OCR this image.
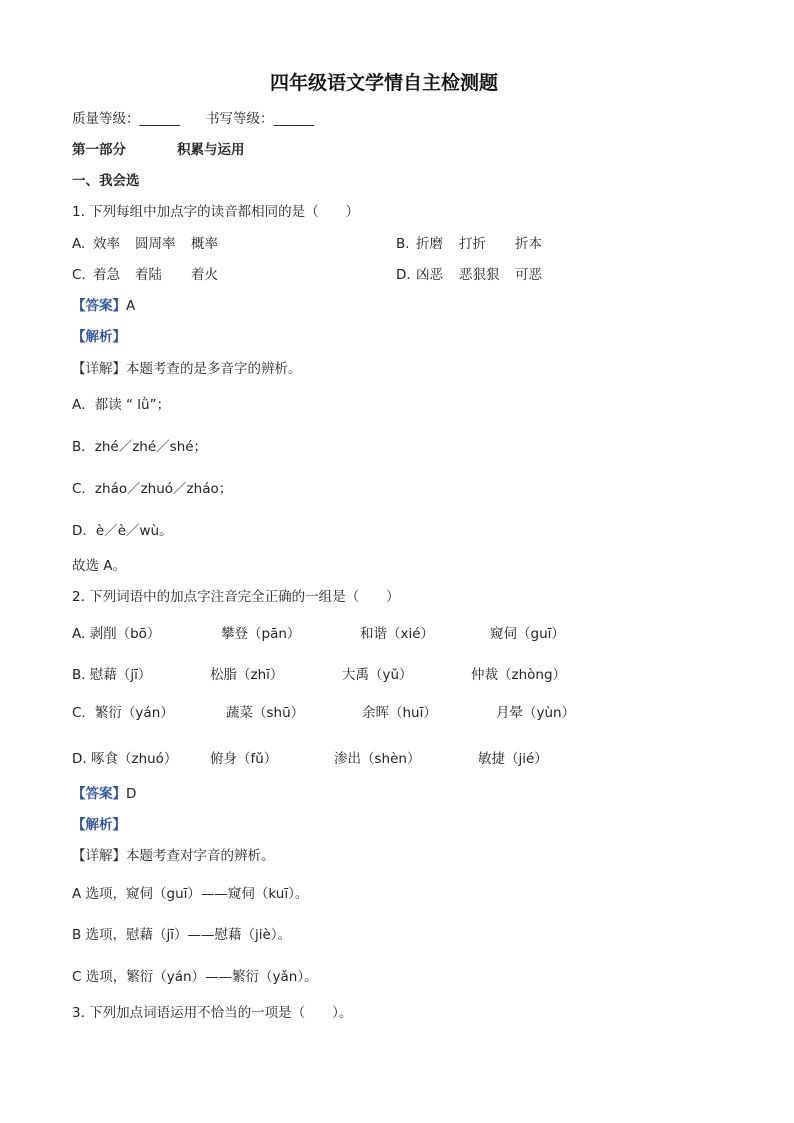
四年级语文学情自主检测题
质量等级：______ 书写等级：______
第一部分	积累与运用
一、我会选
1. 下列每组中加点字的读音都相同的是（　　）
A. 效率 圆周率 概率	B. 折磨 打折 折本
C. 着急 着陆 着火	D. 凶恶 恶狠狠 可恶
【答案】A
【解析】
【详解】本题考查的是多音字的辨析。
A．都读 “ lǜ”；
B．zhé／zhé／shé；
C．zháo／zhuó／zháo；
D．è／è／wù。
故选 A。
2. 下列词语中的加点字注音完全正确的一组是（　　）
A. 剥削（bō）	攀登（pān）	和谐（xié）	窥伺（guī）
B. 慰藉（jī）	松脂（zhī）	大禹（yǔ）	仲裁（zhòng）
C．繁衍（yán）	蔬菜（shū）	余晖（huī）	月晕（yùn）
D. 啄食（zhuó） 俯身（fǔ）	渗出（shèn）	敏捷（jié）
【答案】D
【解析】
【详解】本题考查对字音的辨析。
A 选项，窥伺（guī）——窥伺（kuī）。
B 选项，慰藉（jī）——慰藉（jiè）。
C 选项，繁衍（yán）——繁衍（yǎn）。
3. 下列加点词语运用不恰当的一项是（　　）。
